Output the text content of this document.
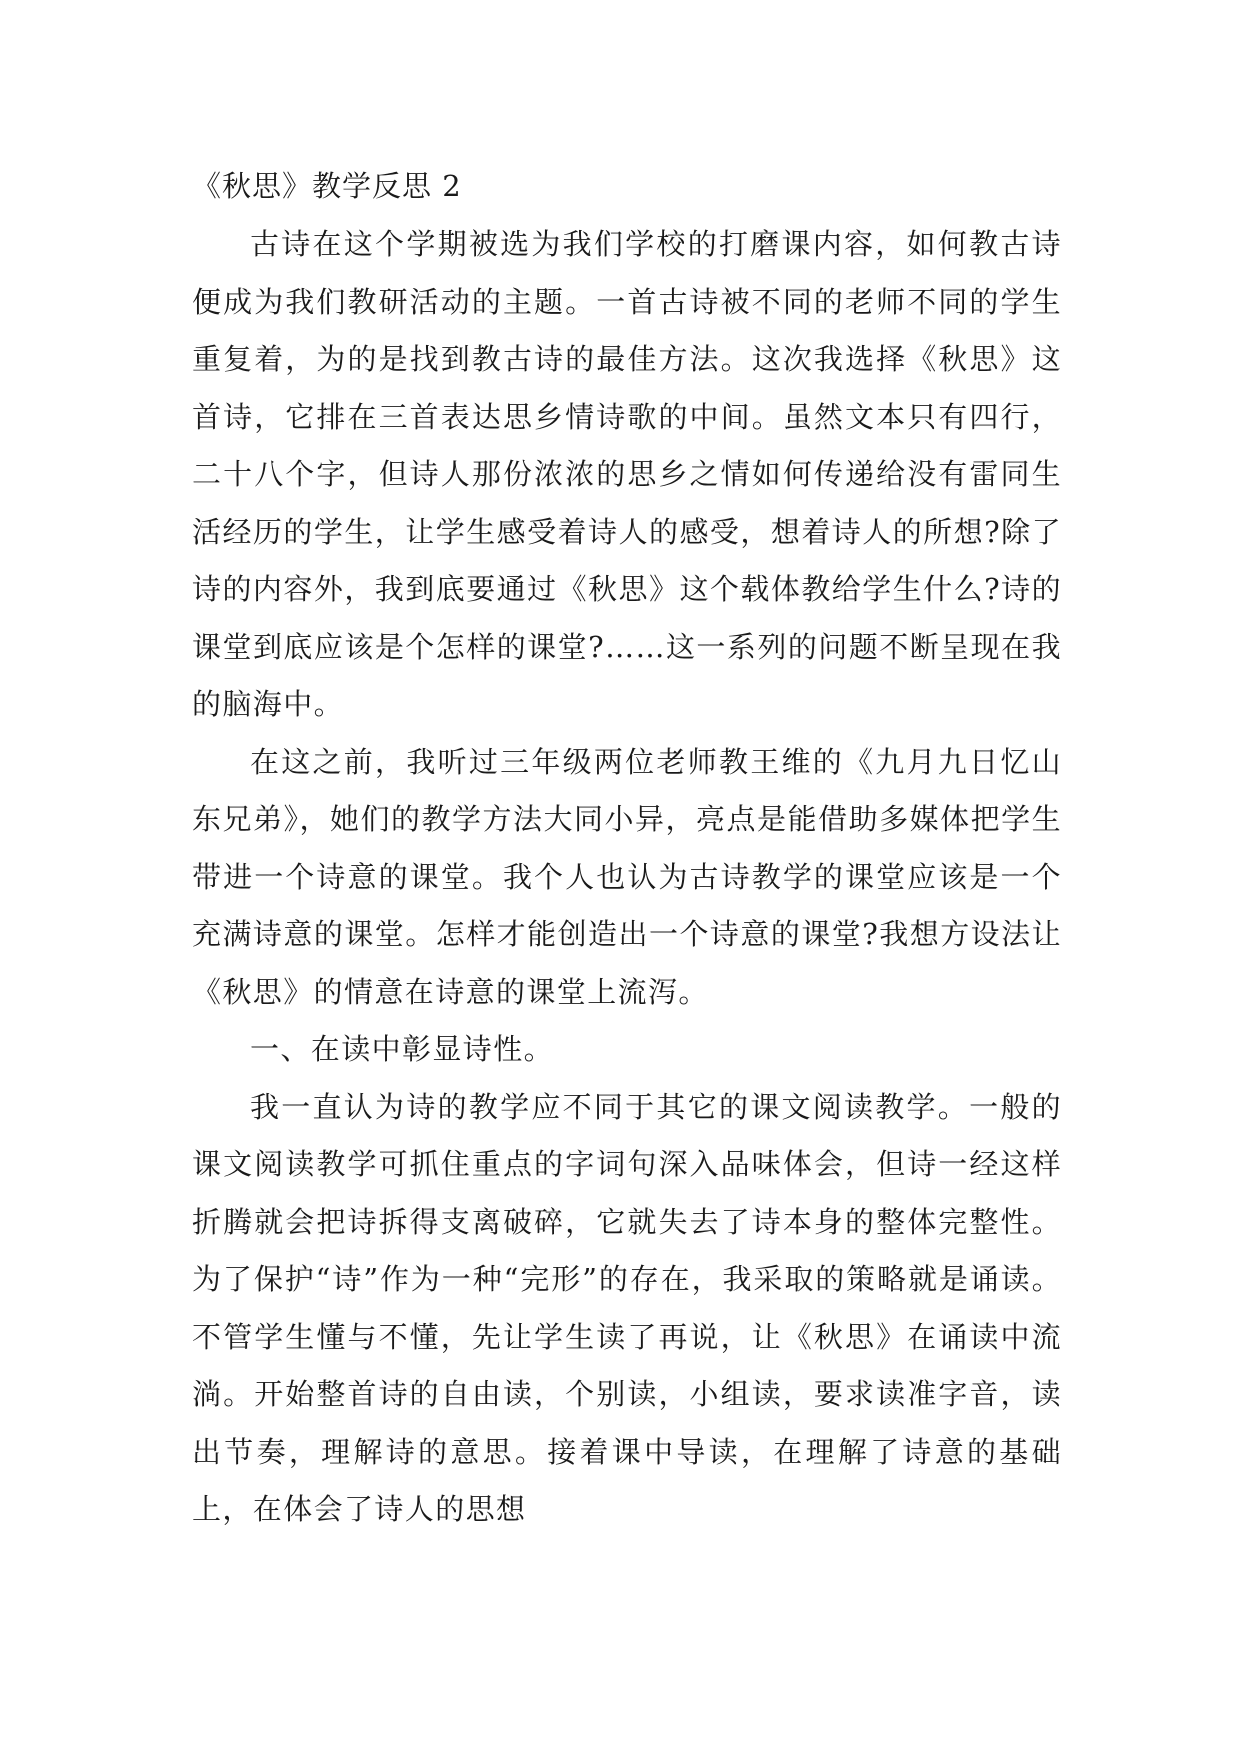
《秋思》教学反思 2

古诗在这个学期被选为我们学校的打磨课内容，如何教古诗便成为我们教研活动的主题。一首古诗被不同的老师不同的学生重复着，为的是找到教古诗的最佳方法。这次我选择《秋思》这首诗，它排在三首表达思乡情诗歌的中间。虽然文本只有四行，二十八个字，但诗人那份浓浓的思乡之情如何传递给没有雷同生活经历的学生，让学生感受着诗人的感受，想着诗人的所想?除了诗的内容外，我到底要通过《秋思》这个载体教给学生什么?诗的课堂到底应该是个怎样的课堂?……这一系列的问题不断呈现在我的脑海中。

在这之前，我听过三年级两位老师教王维的《九月九日忆山东兄弟》，她们的教学方法大同小异，亮点是能借助多媒体把学生带进一个诗意的课堂。我个人也认为古诗教学的课堂应该是一个充满诗意的课堂。怎样才能创造出一个诗意的课堂?我想方设法让《秋思》的情意在诗意的课堂上流泻。

一、在读中彰显诗性。

我一直认为诗的教学应不同于其它的课文阅读教学。一般的课文阅读教学可抓住重点的字词句深入品味体会，但诗一经这样折腾就会把诗拆得支离破碎，它就失去了诗本身的整体完整性。为了保护“诗”作为一种“完形”的存在，我采取的策略就是诵读。不管学生懂与不懂，先让学生读了再说，让《秋思》在诵读中流淌。开始整首诗的自由读，个别读，小组读，要求读准字音，读出节奏，理解诗的意思。接着课中导读，在理解了诗意的基础上，在体会了诗人的思想
